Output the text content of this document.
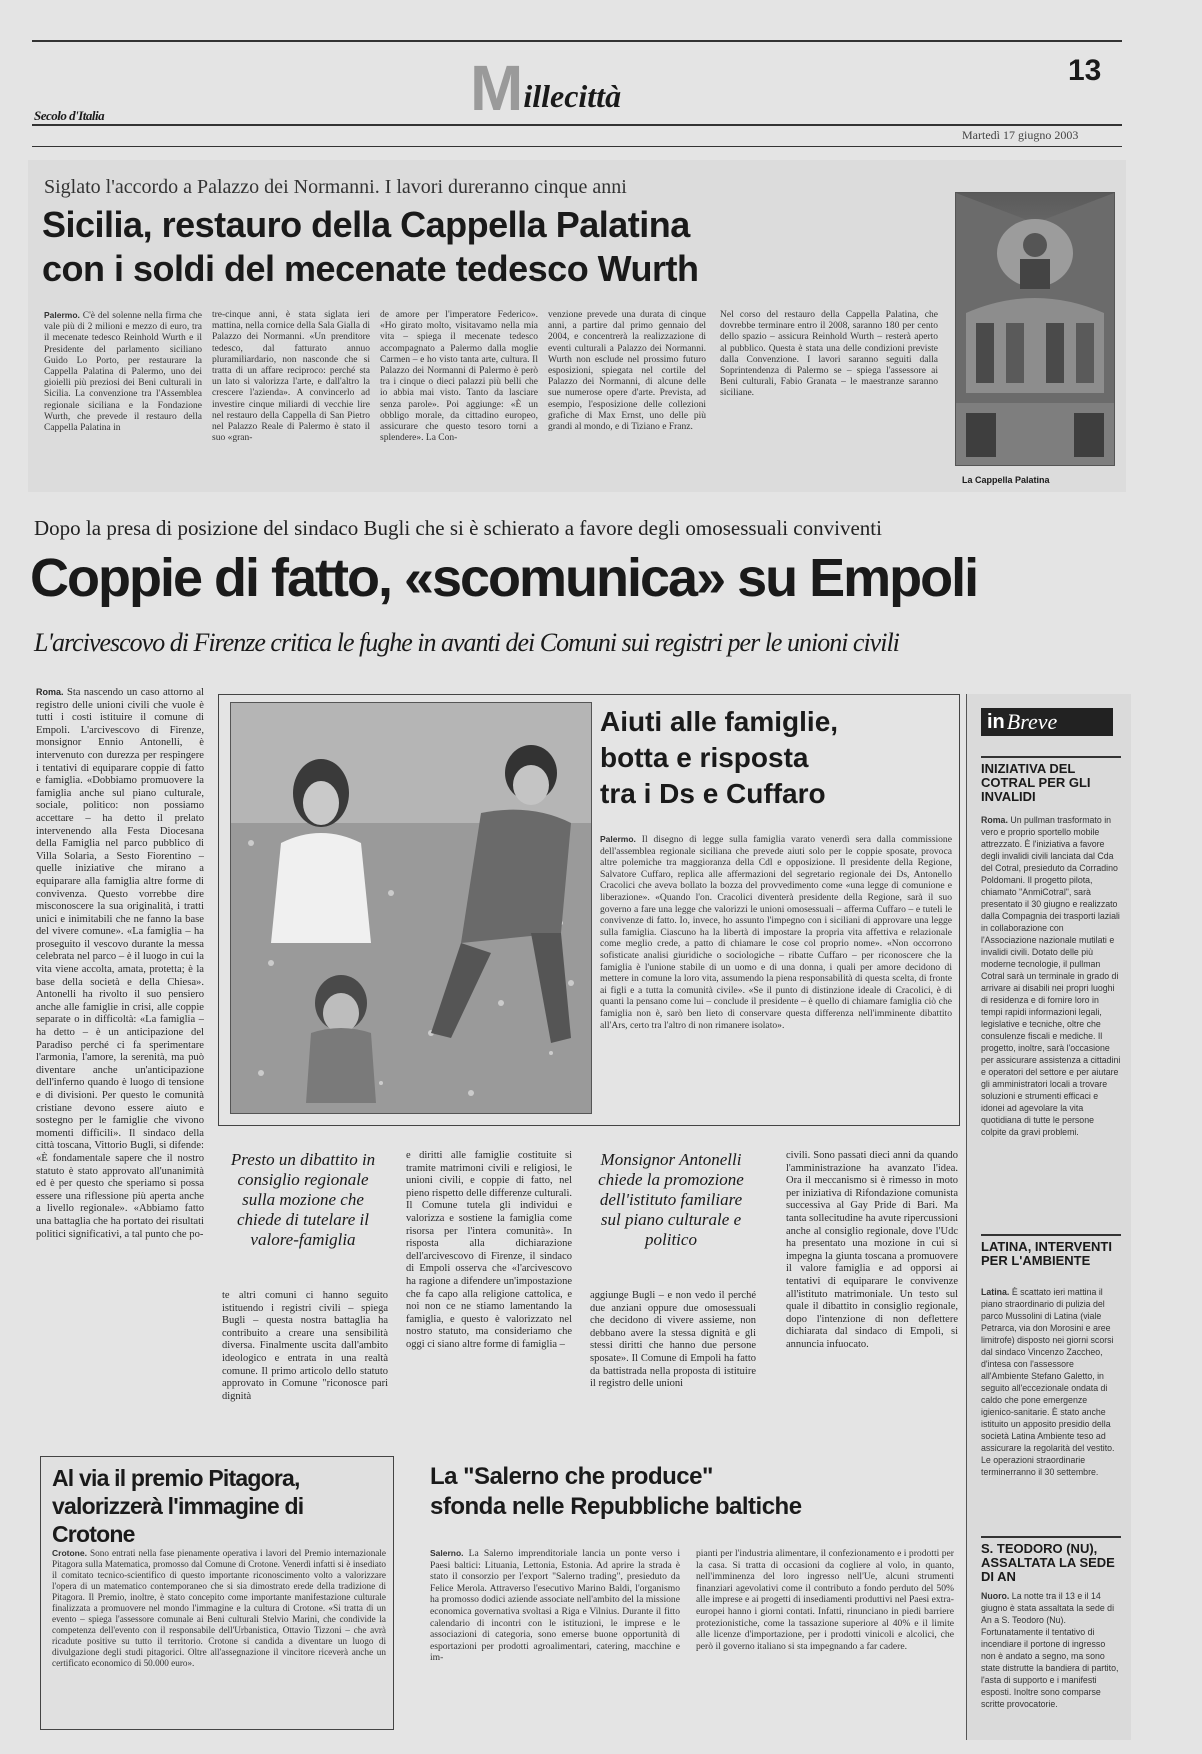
Secolo d'Italia	M illecittà
13
Martedì 17 giugno 2003
Siglato l'accordo a Palazzo dei Normanni. I lavori dureranno cinque anni
Sicilia, restauro della Cappella Palatina
con i soldi del mecenate tedesco Wurth
Palermo. C'è del solenne nella firma che vale più di 2 milioni e mezzo di euro, tra il mecenate tedesco Reinhold Wurth e il Presidente del parlamento siciliano Guido Lo Porto, per restaurare la Cappella Palatina di Palermo, uno dei gioielli più preziosi dei Beni culturali in Sicilia. La convenzione tra l'Assemblea regionale siciliana e la Fondazione Wurth, che prevede il restauro della Cappella Palatina in
tre-cinque anni, è stata siglata ieri mattina, nella cornice della Sala Gialla di Palazzo dei Normanni. «Un prenditore tedesco, dal fatturato annuo pluramiliardario, non nasconde che si tratta di un affare reciproco: perché sta un lato si valorizza l'arte, e dall'altro la crescere l'azienda». A convincerlo ad investire cinque miliardi di vecchie lire nel restauro della Cappella di San Pietro nel Palazzo Reale di Palermo è stato il suo «gran-
de amore per l'imperatore Federico». «Ho girato molto, visitavamo nella mia vita – spiega il mecenate tedesco accompagnato a Palermo dalla moglie Carmen – e ho visto tanta arte, cultura. Il Palazzo dei Normanni di Palermo è però tra i cinque o dieci palazzi più belli che io abbia mai visto. Tanto da lasciare senza parole». Poi aggiunge: «È un obbligo morale, da cittadino europeo, assicurare che questo tesoro torni a splendere». La Con-
venzione prevede una durata di cinque anni, a partire dal primo gennaio del 2004, e concentrerà la realizzazione di eventi culturali a Palazzo dei Normanni. Wurth non esclude nel prossimo futuro esposizioni, spiegata nel cortile del Palazzo dei Normanni, di alcune delle sue numerose opere d'arte. Prevista, ad esempio, l'esposizione delle collezioni grafiche di Max Ernst, uno delle più grandi al mondo, e di Tiziano e Franz.
Nel corso del restauro della Cappella Palatina, che dovrebbe terminare entro il 2008, saranno 180 per cento dello spazio – assicura Reinhold Wurth – resterà aperto al pubblico. Questa è stata una delle condizioni previste dalla Convenzione. I lavori saranno seguiti dalla Soprintendenza di Palermo se – spiega l'assessore ai Beni culturali, Fabio Granata – le maestranze saranno siciliane.
La Cappella Palatina
Dopo la presa di posizione del sindaco Bugli che si è schierato a favore degli omosessuali conviventi
Coppie di fatto, «scomunica» su Empoli
L'arcivescovo di Firenze critica le fughe in avanti dei Comuni sui registri per le unioni civili
Roma. Sta nascendo un caso attorno al registro delle unioni civili che vuole è tutti i costi istituire il comune di Empoli. L'arcivescovo di Firenze, monsignor Ennio Antonelli, è intervenuto con durezza per respingere i tentativi di equiparare coppie di fatto e famiglia. «Dobbiamo promuovere la famiglia anche sul piano culturale, sociale, politico: non possiamo accettare – ha detto il prelato intervenendo alla Festa Diocesana della Famiglia nel parco pubblico di Villa Solaria, a Sesto Fiorentino – quelle iniziative che mirano a equiparare alla famiglia altre forme di convivenza. Questo vorrebbe dire misconoscere la sua originalità, i tratti unici e inimitabili che ne fanno la base del vivere comune». «La famiglia – ha proseguito il vescovo durante la messa celebrata nel parco – è il luogo in cui la vita viene accolta, amata, protetta; è la base della società e della Chiesa». Antonelli ha rivolto il suo pensiero anche alle famiglie in crisi, alle coppie separate o in difficoltà: «La famiglia – ha detto – è un anticipazione del Paradiso perché ci fa sperimentare l'armonia, l'amore, la serenità, ma può diventare anche un'anticipazione dell'inferno quando è luogo di tensione e di divisioni. Per questo le comunità cristiane devono essere aiuto e sostegno per le famiglie che vivono momenti difficili». Il sindaco della città toscana, Vittorio Bugli, si difende: «È fondamentale sapere che il nostro statuto è stato approvato all'unanimità ed è per questo che speriamo si possa essere una riflessione più aperta anche a livello regionale». «Abbiamo fatto una battaglia che ha portato dei risultati politici significativi, a tal punto che po-
Aiuti alle famiglie,
botta e risposta
tra i Ds e Cuffaro
Palermo. Il disegno di legge sulla famiglia varato venerdì sera dalla commissione dell'assemblea regionale siciliana che prevede aiuti solo per le coppie sposate, provoca altre polemiche tra maggioranza della Cdl e opposizione. Il presidente della Regione, Salvatore Cuffaro, replica alle affermazioni del segretario regionale dei Ds, Antonello Cracolici che aveva bollato la bozza del provvedimento come «una legge di comunione e liberazione». «Quando l'on. Cracolici diventerà presidente della Regione, sarà il suo governo a fare una legge che valorizzi le unioni omosessuali – afferma Cuffaro – e tuteli le convivenze di fatto. Io, invece, ho assunto l'impegno con i siciliani di approvare una legge sulla famiglia. Ciascuno ha la libertà di impostare la propria vita affettiva e relazionale come meglio crede, a patto di chiamare le cose col proprio nome». «Non occorrono sofisticate analisi giuridiche o sociologiche – ribatte Cuffaro – per riconoscere che la famiglia è l'unione stabile di un uomo e di una donna, i quali per amore decidono di mettere in comune la loro vita, assumendo la piena responsabilità di questa scelta, di fronte ai figli e a tutta la comunità civile». «Se il punto di distinzione ideale di Cracolici, è di quanti la pensano come lui – conclude il presidente – è quello di chiamare famiglia ciò che famiglia non è, sarò ben lieto di conservare questa differenza nell'imminente dibattito all'Ars, certo tra l'altro di non rimanere isolato».
Presto un dibattito in consiglio regionale sulla mozione che chiede di tutelare il valore-famiglia
te altri comuni ci hanno seguito istituendo i registri civili – spiega Bugli – questa nostra battaglia ha contribuito a creare una sensibilità diversa. Finalmente uscita dall'ambito ideologico e entrata in una realtà comune. Il primo articolo dello statuto approvato in Comune "riconosce pari dignità
e diritti alle famiglie costituite si tramite matrimoni civili e religiosi, le unioni civili, e coppie di fatto, nel pieno rispetto delle differenze culturali. Il Comune tutela gli individui e valorizza e sostiene la famiglia come risorsa per l'intera comunità». In risposta alla dichiarazione dell'arcivescovo di Firenze, il sindaco di Empoli osserva che «l'arcivescovo ha ragione a difendere un'impostazione che fa capo alla religione cattolica, e noi non ce ne stiamo lamentando la famiglia, e questo è valorizzato nel nostro statuto, ma consideriamo che oggi ci siano altre forme di famiglia –
Monsignor Antonelli chiede la promozione dell'istituto familiare sul piano culturale e politico
aggiunge Bugli – e non vedo il perché due anziani oppure due omosessuali che decidono di vivere assieme, non debbano avere la stessa dignità e gli stessi diritti che hanno due persone sposate». Il Comune di Empoli ha fatto da battistrada nella proposta di istituire il registro delle unioni
civili. Sono passati dieci anni da quando l'amministrazione ha avanzato l'idea. Ora il meccanismo si è rimesso in moto per iniziativa di Rifondazione comunista successiva al Gay Pride di Bari. Ma tanta sollecitudine ha avute ripercussioni anche al consiglio regionale, dove l'Udc ha presentato una mozione in cui si impegna la giunta toscana a promuovere il valore famiglia e ad opporsi ai tentativi di equiparare le convivenze all'istituto matrimoniale. Un testo sul quale il dibattito in consiglio regionale, dopo l'intenzione di non deflettere dichiarata dal sindaco di Empoli, si annuncia infuocato.
in Breve
INIZIATIVA DEL COTRAL PER GLI INVALIDI
Roma. Un pullman trasformato in vero e proprio sportello mobile attrezzato. È l'iniziativa a favore degli invalidi civili lanciata dal Cda del Cotral, presieduto da Corradino Poldomani. Il progetto pilota, chiamato "AnmiCotral", sarà presentato il 30 giugno e realizzato dalla Compagnia dei trasporti laziali in collaborazione con l'Associazione nazionale mutilati e invalidi civili. Dotato delle più moderne tecnologie, il pullman Cotral sarà un terminale in grado di arrivare ai disabili nei propri luoghi di residenza e di fornire loro in tempi rapidi informazioni legali, legislative e tecniche, oltre che consulenze fiscali e mediche. Il progetto, inoltre, sarà l'occasione per assicurare assistenza a cittadini e operatori del settore e per aiutare gli amministratori locali a trovare soluzioni e strumenti efficaci e idonei ad agevolare la vita quotidiana di tutte le persone colpite da gravi problemi.
LATINA, INTERVENTI PER L'AMBIENTE
Latina. È scattato ieri mattina il piano straordinario di pulizia del parco Mussolini di Latina (viale Petrarca, via don Morosini e aree limitrofe) disposto nei giorni scorsi dal sindaco Vincenzo Zaccheo, d'intesa con l'assessore all'Ambiente Stefano Galetto, in seguito all'eccezionale ondata di caldo che pone emergenze igienico-sanitarie. È stato anche istituito un apposito presidio della società Latina Ambiente teso ad assicurare la regolarità del vestito. Le operazioni straordinarie terminerranno il 30 settembre.
S. TEODORO (NU), ASSALTATA LA SEDE DI AN
Nuoro. La notte tra il 13 e il 14 giugno è stata assaltata la sede di An a S. Teodoro (Nu). Fortunatamente il tentativo di incendiare il portone di ingresso non è andato a segno, ma sono state distrutte la bandiera di partito, l'asta di supporto e i manifesti esposti. Inoltre sono comparse scritte provocatorie.
Al via il premio Pitagora,
valorizzerà l'immagine di Crotone
Crotone. Sono entrati nella fase pienamente operativa i lavori del Premio internazionale Pitagora sulla Matematica, promosso dal Comune di Crotone. Venerdì infatti si è insediato il comitato tecnico-scientifico di questo importante riconoscimento volto a valorizzare l'opera di un matematico contemporaneo che si sia dimostrato erede della tradizione di Pitagora. Il Premio, inoltre, è stato concepito come importante manifestazione culturale finalizzata a promuovere nel mondo l'immagine e la cultura di Crotone. «Si tratta di un evento – spiega l'assessore comunale ai Beni culturali Stelvio Marini, che condivide la competenza dell'evento con il responsabile dell'Urbanistica, Ottavio Tizzoni – che avrà ricadute positive su tutto il territorio. Crotone si candida a diventare un luogo di divulgazione degli studi pitagorici. Oltre all'assegnazione il vincitore riceverà anche un certificato economico di 50.000 euro».
La "Salerno che produce"
sfonda nelle Repubbliche baltiche
Salerno. La Salerno imprenditoriale lancia un ponte verso i Paesi baltici: Lituania, Lettonia, Estonia. Ad aprire la strada è stato il consorzio per l'export "Salerno trading", presieduto da Felice Merola. Attraverso l'esecutivo Marino Baldi, l'organismo ha promosso dodici aziende associate nell'ambito del la missione economica governativa svoltasi a Riga e Vilnius. Durante il fitto calendario di incontri con le istituzioni, le imprese e le associazioni di categoria, sono emerse buone opportunità di esportazioni per prodotti agroalimentari, catering, macchine e im-
pianti per l'industria alimentare, il confezionamento e i prodotti per la casa. Si tratta di occasioni da cogliere al volo, in quanto, nell'imminenza del loro ingresso nell'Ue, alcuni strumenti finanziari agevolativi come il contributo a fondo perduto del 50% alle imprese e ai progetti di insediamenti produttivi nel Paesi extra-europei hanno i giorni contati. Infatti, rinunciano in piedi barriere protezionistiche, come la tassazione superiore al 40% e il limite alle licenze d'importazione, per i prodotti vinicoli e alcolici, che però il governo italiano si sta impegnando a far cadere.
